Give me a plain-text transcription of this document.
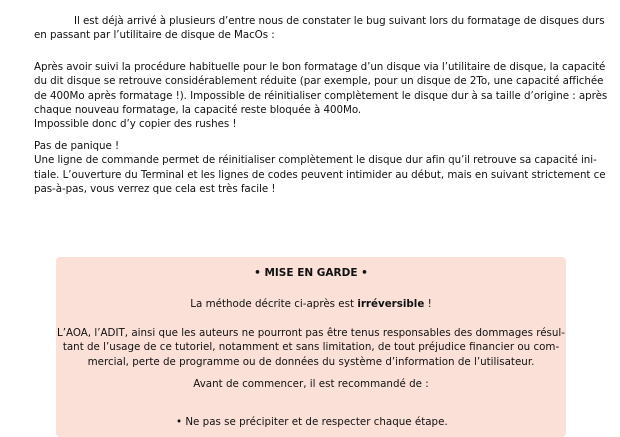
Il est déjà arrivé à plusieurs d’entre nous de constater le bug suivant lors du formatage de disques durs
en passant par l’utilitaire de disque de MacOs :
Après avoir suivi la procédure habituelle pour le bon formatage d’un disque via l’utilitaire de disque, la capacité
du dit disque se retrouve considérablement réduite (par exemple, pour un disque de 2To, une capacité affichée
de 400Mo après formatage !). Impossible de réinitialiser complètement le disque dur à sa taille d’origine : après
chaque nouveau formatage, la capacité reste bloquée à 400Mo.
Impossible donc d’y copier des rushes !
Pas de panique !
Une ligne de commande permet de réinitialiser complètement le disque dur afin qu’il retrouve sa capacité ini-
tiale. L’ouverture du Terminal et les lignes de codes peuvent intimider au début, mais en suivant strictement ce
pas-à-pas, vous verrez que cela est très facile !
• MISE EN GARDE •
La méthode décrite ci-après est irréversible !
L’AOA, l’ADIT, ainsi que les auteurs ne pourront pas être tenus responsables des dommages résul-
tant de l’usage de ce tutoriel, notamment et sans limitation, de tout préjudice financier ou com-
mercial, perte de programme ou de données du système d’information de l’utilisateur.
Avant de commencer, il est recommandé de :
• Ne pas se précipiter et de respecter chaque étape.
